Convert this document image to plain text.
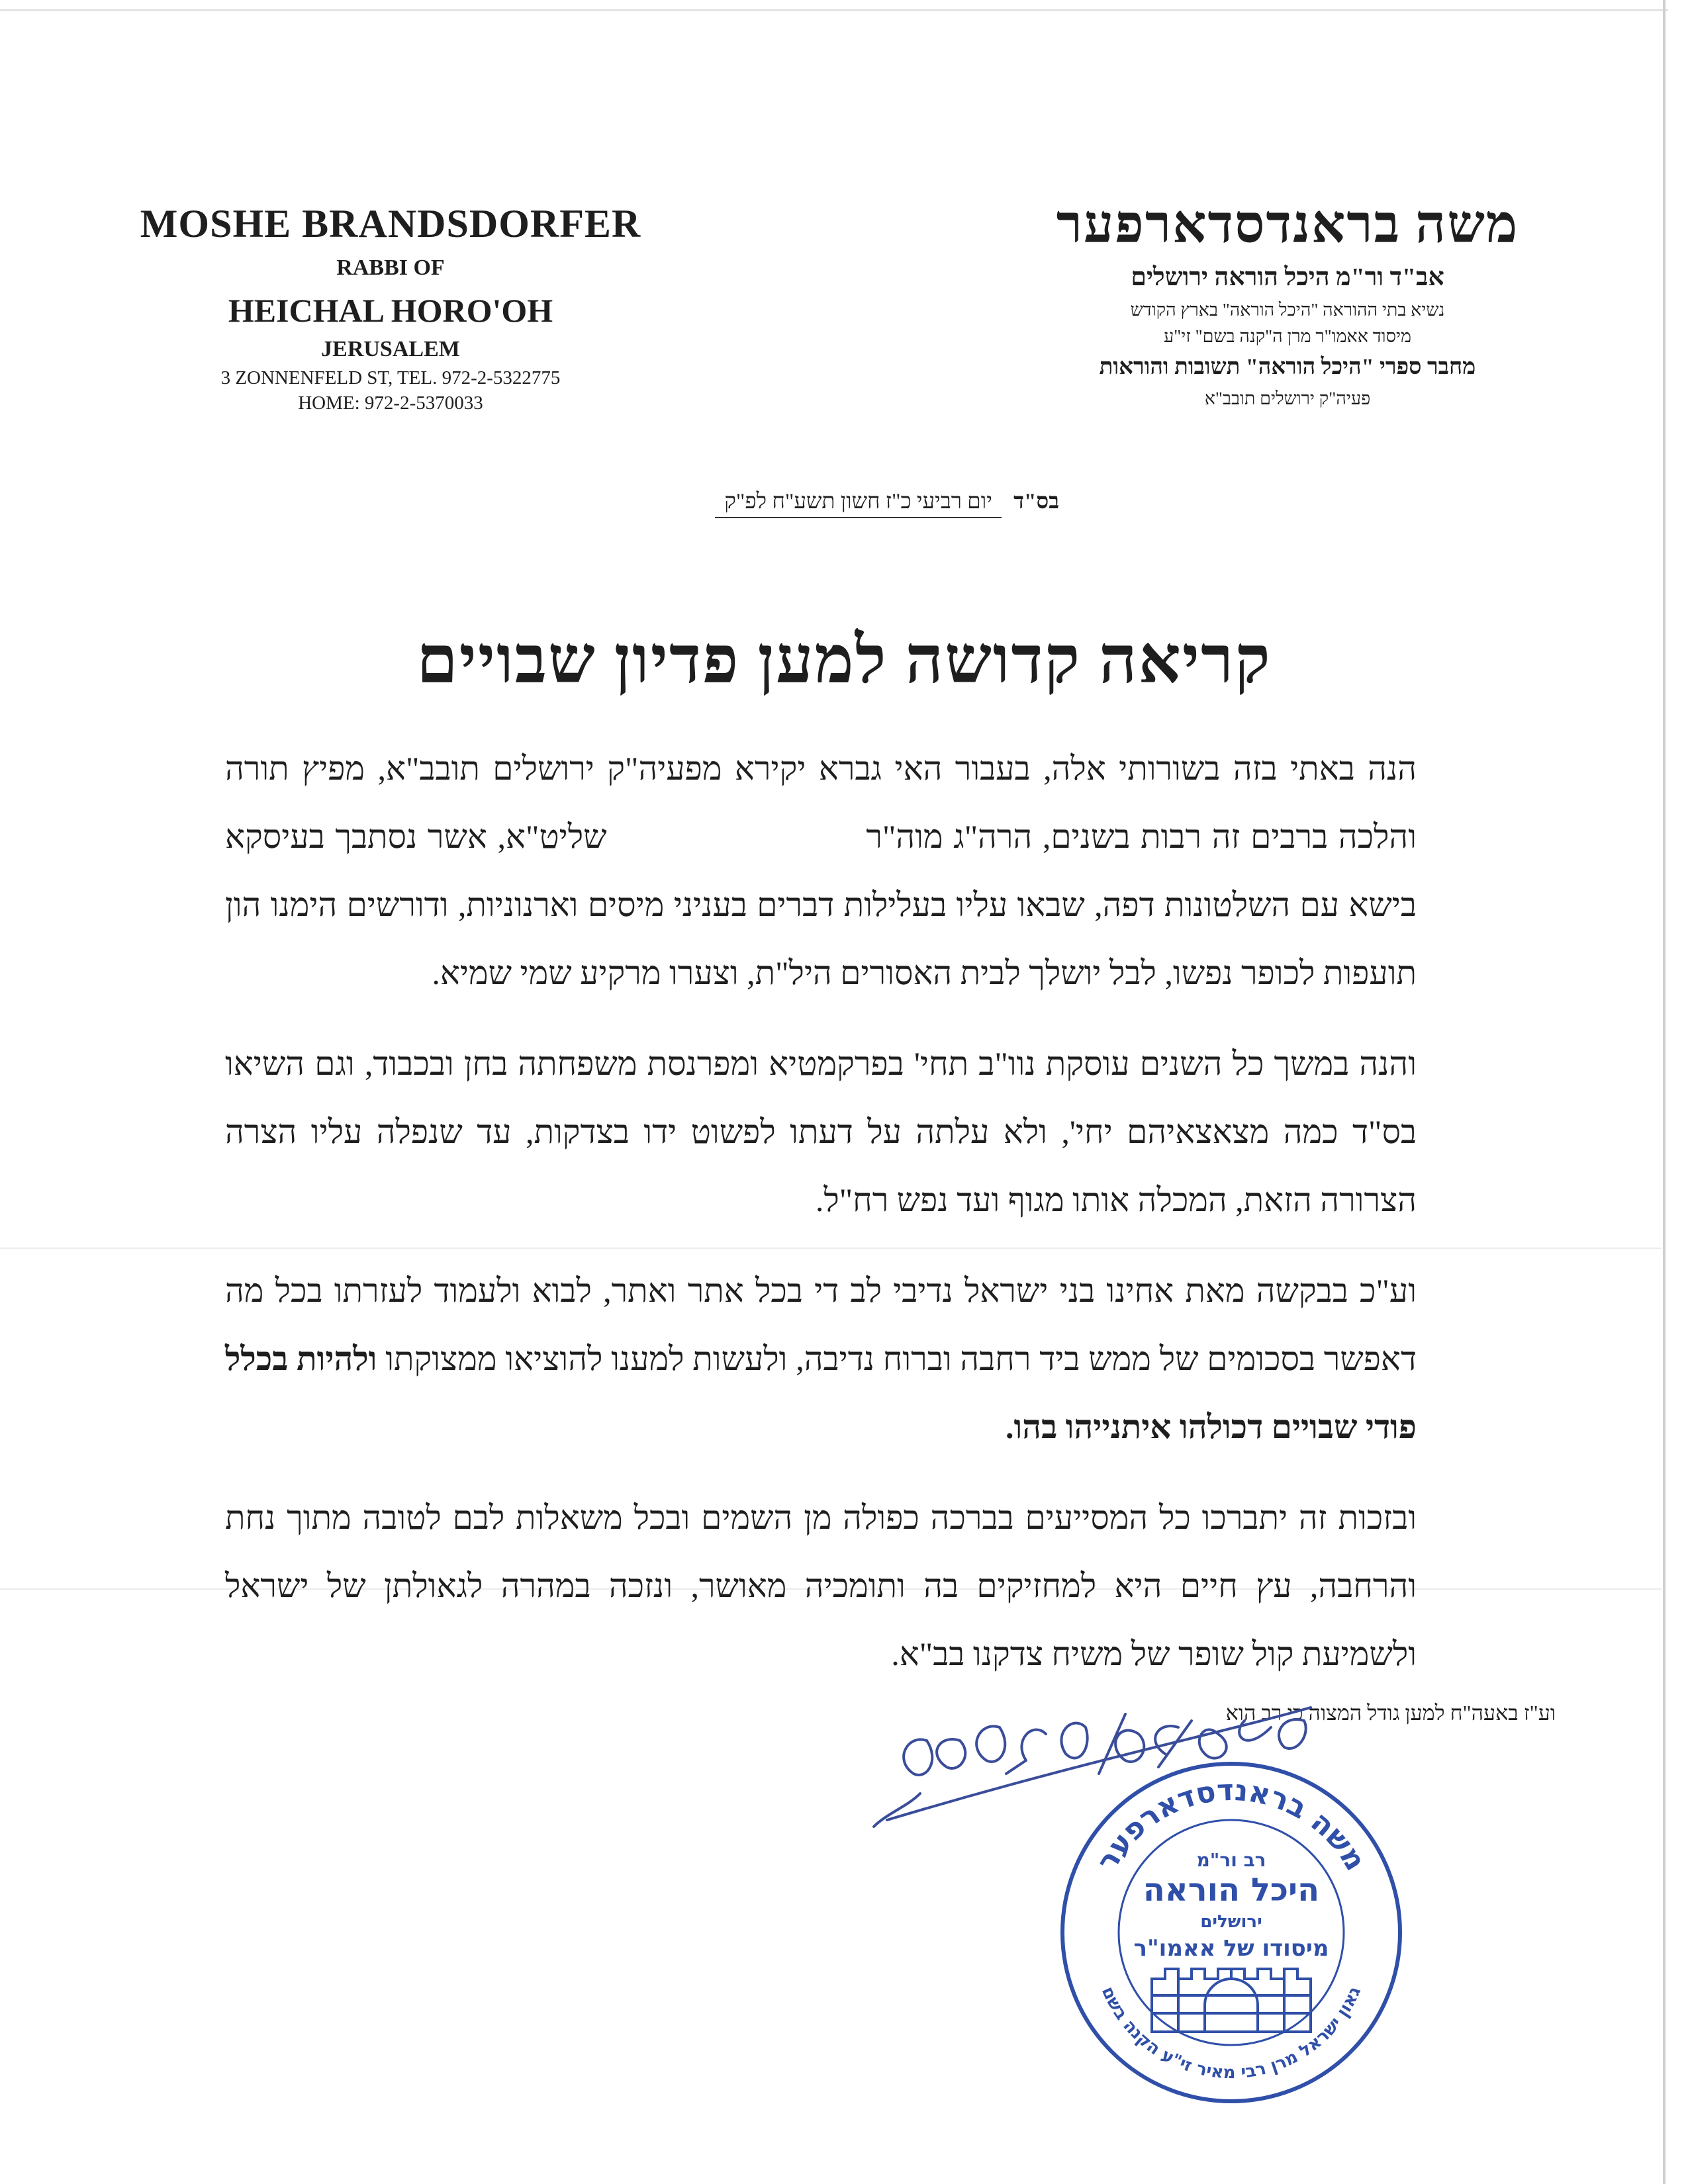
MOSHE BRANDSDORFER

RABBI OF

HEICHAL HORO'OH

JERUSALEM

3 ZONNENFELD ST, TEL. 972-2-5322775

HOME: 972-2-5370033

משה בראנדסדארפער

אב"ד ור"מ היכל הוראה ירושלים

נשיא בתי ההוראה "היכל הוראה" בארץ הקודש

מיסוד אאמו"ר מרן ה"קנה בשם" זי"ע

מחבר ספרי "היכל הוראה" תשובות והוראות

פעיה"ק ירושלים תובב"א

בס"ד יום רביעי כ"ז חשון תשע"ח לפ"ק
קריאה קדושה למען פדיון שבויים

הנה באתי בזה בשורותי אלה, בעבור האי גברא יקירא מפעיה"ק ירושלים תובב"א, מפיץ תורה והלכה ברבים זה רבות בשנים, הרה"ג מוה"ר                         שליט"א, אשר נסתבך בעיסקא בישא עם השלטונות דפה, שבאו עליו בעלילות דברים בעניני מיסים וארנוניות, ודורשים הימנו הון תועפות לכופר נפשו, לבל יושלך לבית האסורים היל"ת, וצערו מרקיע שמי שמיא.

והנה במשך כל השנים עוסקת נוו"ב תחי' בפרקמטיא ומפרנסת משפחתה בחן ובכבוד, וגם השיאו בס"ד כמה מצאצאיהם יחי', ולא עלתה על דעתו לפשוט ידו בצדקות, עד שנפלה עליו הצרה הצרורה הזאת, המכלה אותו מגוף ועד נפש רח"ל.

וע"כ בבקשה מאת אחינו בני ישראל נדיבי לב די בכל אתר ואתר, לבוא ולעמוד לעזרתו בכל מה דאפשר בסכומים של ממש ביד רחבה וברוח נדיבה, ולעשות למענו להוציאו ממצוקתו ולהיות בכלל פודי שבויים דכולהו איתנייהו בהו.

ובזכות זה יתברכו כל המסייעים בברכה כפולה מן השמים ובכל משאלות לבם לטובה מתוך נחת והרחבה, עץ חיים היא למחזיקים בה ותומכיה מאושר, ונזכה במהרה לגאולתן של ישראל ולשמיעת קול שופר של משיח צדקנו בב"א.

וע"ז באעה"ח למען גודל המצוה כי רב הוא
משה בראנדסדארפער
גאון ישראל מרן רבי מאיר זי"ע הקנה בשם
רב ור"מ
היכל הוראה
ירושלים
מיסודו של אאמו"ר
